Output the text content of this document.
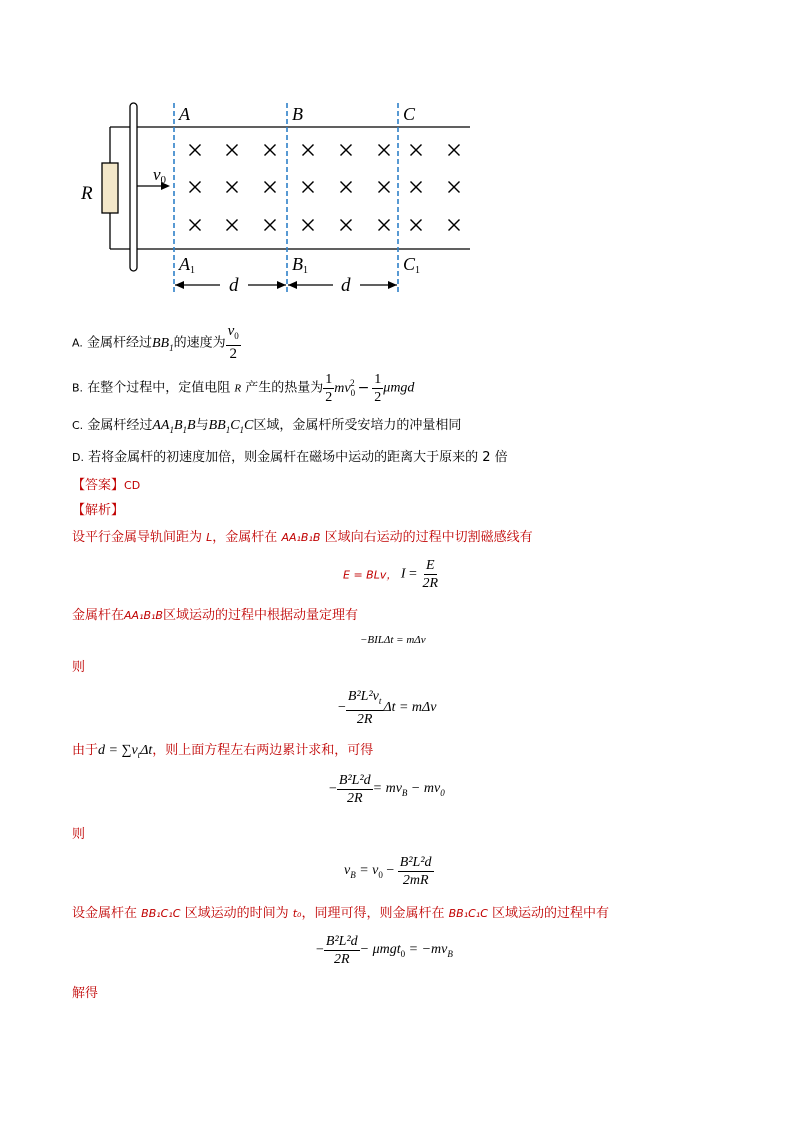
R
v0
A	B	C
A1	B1	C1
d	d
A. 金属杆经过$BB_1$的速度为 $\frac{v_0}{2}$
B. 在整个过程中，定值电阻 R 产生的热量为 $\frac{1}{2} mv_0^2 - \frac{1}{2}$ μmgd
C. 金属杆经过$AA_1B_1B$与$BB_1C_1C$区域，金属杆所受安培力的冲量相同
D. 若将金属杆的初速度加倍，则金属杆在磁场中运动的距离大于原来的 2 倍
【答案】CD
【解析】
设平行金属导轨间距为 L，金属杆在 AA₁B₁B 区域向右运动的过程中切割磁感线有
E = BLv， $I = \frac{E}{2R}$
金属杆在AA₁B₁B区域运动的过程中根据动量定理有
−BILΔt = mΔv
则
− $\frac{B^2L^2v_t}{2R}$ Δt = mΔv
由于$d = \sum v_t\Delta t$，则上面方程左右两边累计求和，可得
− $\frac{\text{B²L²d}}{2R} = mv_B - mv_0$
则
$v_B = v_0 - \frac{\text{B²L²d}}{2mR}$
设金属杆在 BB₁C₁C 区域运动的时间为 t₀，同理可得，则金属杆在 BB₁C₁C 区域运动的过程中有
− $\frac{\text{B²L²d}}{2R} - \mu mgt_0 = -mv_B$
解得
